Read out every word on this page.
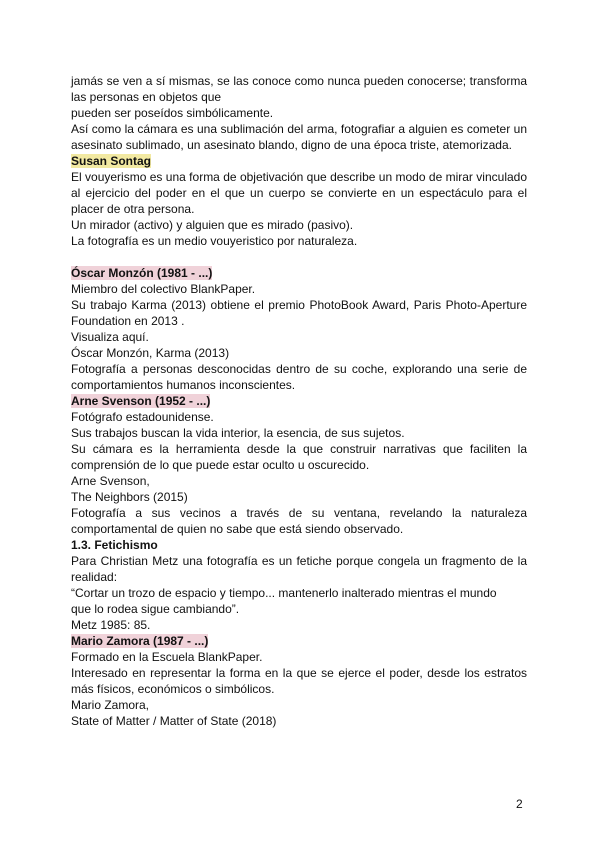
jamás se ven a sí mismas, se las conoce como nunca pueden conocerse; transforma las personas en objetos que
pueden ser poseídos simbólicamente.
Así como la cámara es una sublimación del arma, fotografiar a alguien es cometer un asesinato sublimado, un asesinato blando, digno de una época triste, atemorizada.
Susan Sontag
El vouyerismo es una forma de objetivación que describe un modo de mirar vinculado al ejercicio del poder en el que un cuerpo se convierte en un espectáculo para el placer de otra persona.
Un mirador (activo) y alguien que es mirado (pasivo).
La fotografía es un medio vouyeristico por naturaleza.
Óscar Monzón (1981 - ...)
Miembro del colectivo BlankPaper.
Su trabajo Karma (2013) obtiene el premio PhotoBook Award, Paris Photo-Aperture Foundation en 2013 .
Visualiza aquí.
Óscar Monzón, Karma (2013)
Fotografía a personas desconocidas dentro de su coche, explorando una serie de comportamientos humanos inconscientes.
Arne Svenson (1952 - ...)
Fotógrafo estadounidense.
Sus trabajos buscan la vida interior, la esencia, de sus sujetos.
Su cámara es la herramienta desde la que construir narrativas que faciliten la comprensión de lo que puede estar oculto u oscurecido.
Arne Svenson,
The Neighbors (2015)
Fotografía a sus vecinos a través de su ventana, revelando la naturaleza comportamental de quien no sabe que está siendo observado.
1.3. Fetichismo
Para Christian Metz una fotografía es un fetiche porque congela un fragmento de la realidad:
“Cortar un trozo de espacio y tiempo... mantenerlo inalterado mientras el mundo
que lo rodea sigue cambiando”.
Metz 1985: 85.
Mario Zamora (1987 - ...)
Formado en la Escuela BlankPaper.
Interesado en representar la forma en la que se ejerce el poder, desde los estratos más físicos, económicos o simbólicos.
Mario Zamora,
State of Matter / Matter of State (2018)
2
